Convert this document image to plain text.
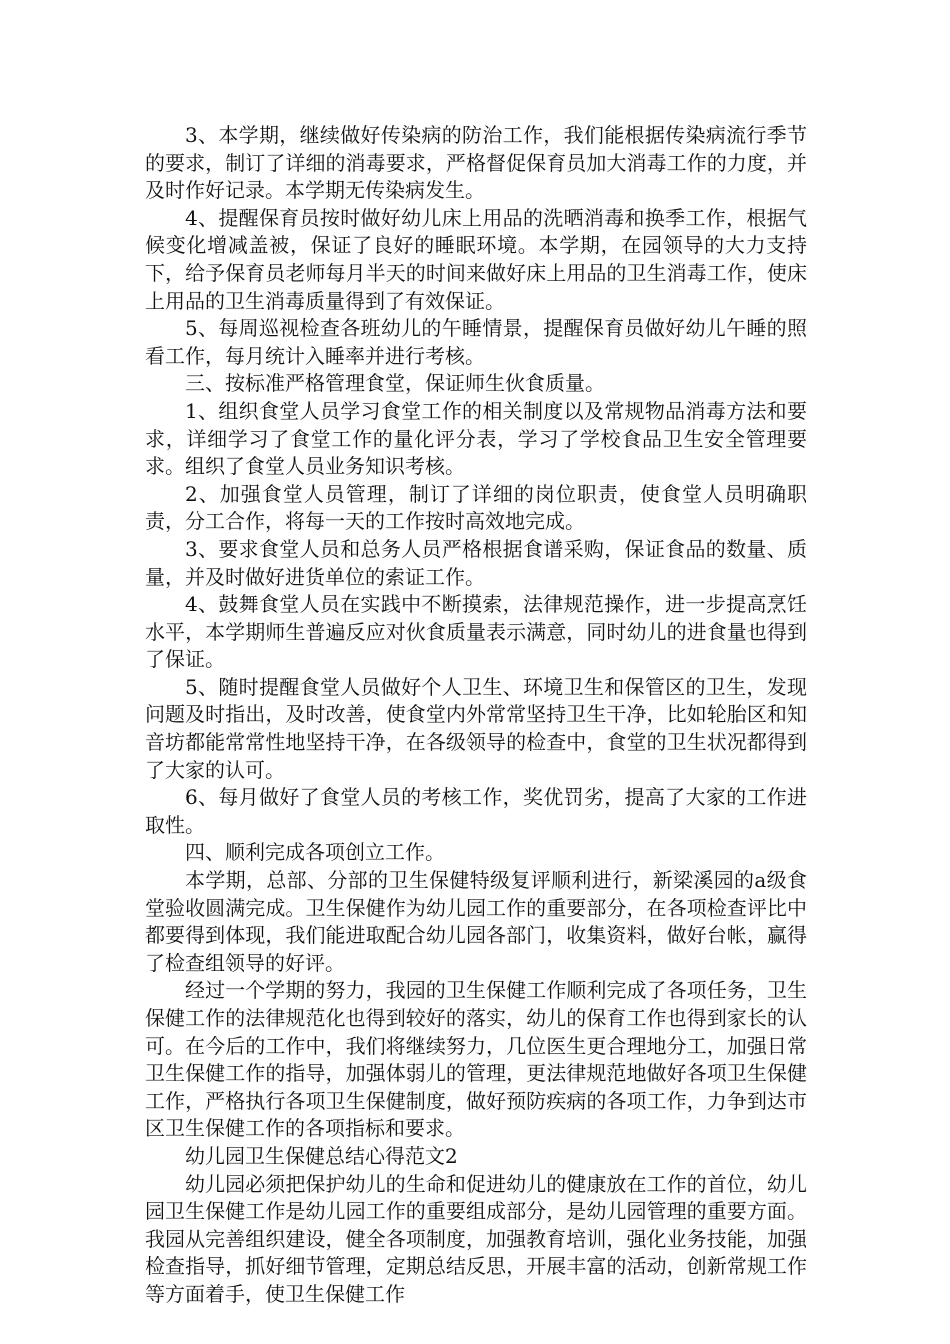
3、本学期，继续做好传染病的防治工作，我们能根据传染病流行季节的要求，制订了详细的消毒要求，严格督促保育员加大消毒工作的力度，并及时作好记录。本学期无传染病发生。

4、提醒保育员按时做好幼儿床上用品的洗晒消毒和换季工作，根据气候变化增减盖被，保证了良好的睡眠环境。本学期，在园领导的大力支持下，给予保育员老师每月半天的时间来做好床上用品的卫生消毒工作，使床上用品的卫生消毒质量得到了有效保证。

5、每周巡视检查各班幼儿的午睡情景，提醒保育员做好幼儿午睡的照看工作，每月统计入睡率并进行考核。

三、按标准严格管理食堂，保证师生伙食质量。

1、组织食堂人员学习食堂工作的相关制度以及常规物品消毒方法和要求，详细学习了食堂工作的量化评分表，学习了学校食品卫生安全管理要求。组织了食堂人员业务知识考核。

2、加强食堂人员管理，制订了详细的岗位职责，使食堂人员明确职责，分工合作，将每一天的工作按时高效地完成。

3、要求食堂人员和总务人员严格根据食谱采购，保证食品的数量、质量，并及时做好进货单位的索证工作。

4、鼓舞食堂人员在实践中不断摸索，法律规范操作，进一步提高烹饪水平，本学期师生普遍反应对伙食质量表示满意，同时幼儿的进食量也得到了保证。

5、随时提醒食堂人员做好个人卫生、环境卫生和保管区的卫生，发现问题及时指出，及时改善，使食堂内外常常坚持卫生干净，比如轮胎区和知音坊都能常常性地坚持干净，在各级领导的检查中，食堂的卫生状况都得到了大家的认可。

6、每月做好了食堂人员的考核工作，奖优罚劣，提高了大家的工作进取性。

四、顺利完成各项创立工作。

本学期，总部、分部的卫生保健特级复评顺利进行，新梁溪园的a级食堂验收圆满完成。卫生保健作为幼儿园工作的重要部分，在各项检查评比中都要得到体现，我们能进取配合幼儿园各部门，收集资料，做好台帐，赢得了检查组领导的好评。

经过一个学期的努力，我园的卫生保健工作顺利完成了各项任务，卫生保健工作的法律规范化也得到较好的落实，幼儿的保育工作也得到家长的认可。在今后的工作中，我们将继续努力，几位医生更合理地分工，加强日常卫生保健工作的指导，加强体弱儿的管理，更法律规范地做好各项卫生保健工作，严格执行各项卫生保健制度，做好预防疾病的各项工作，力争到达市区卫生保健工作的各项指标和要求。

幼儿园卫生保健总结心得范文2

幼儿园必须把保护幼儿的生命和促进幼儿的健康放在工作的首位，幼儿园卫生保健工作是幼儿园工作的重要组成部分，是幼儿园管理的重要方面。我园从完善组织建设，健全各项制度，加强教育培训，强化业务技能，加强检查指导，抓好细节管理，定期总结反思，开展丰富的活动，创新常规工作等方面着手，使卫生保健工作
